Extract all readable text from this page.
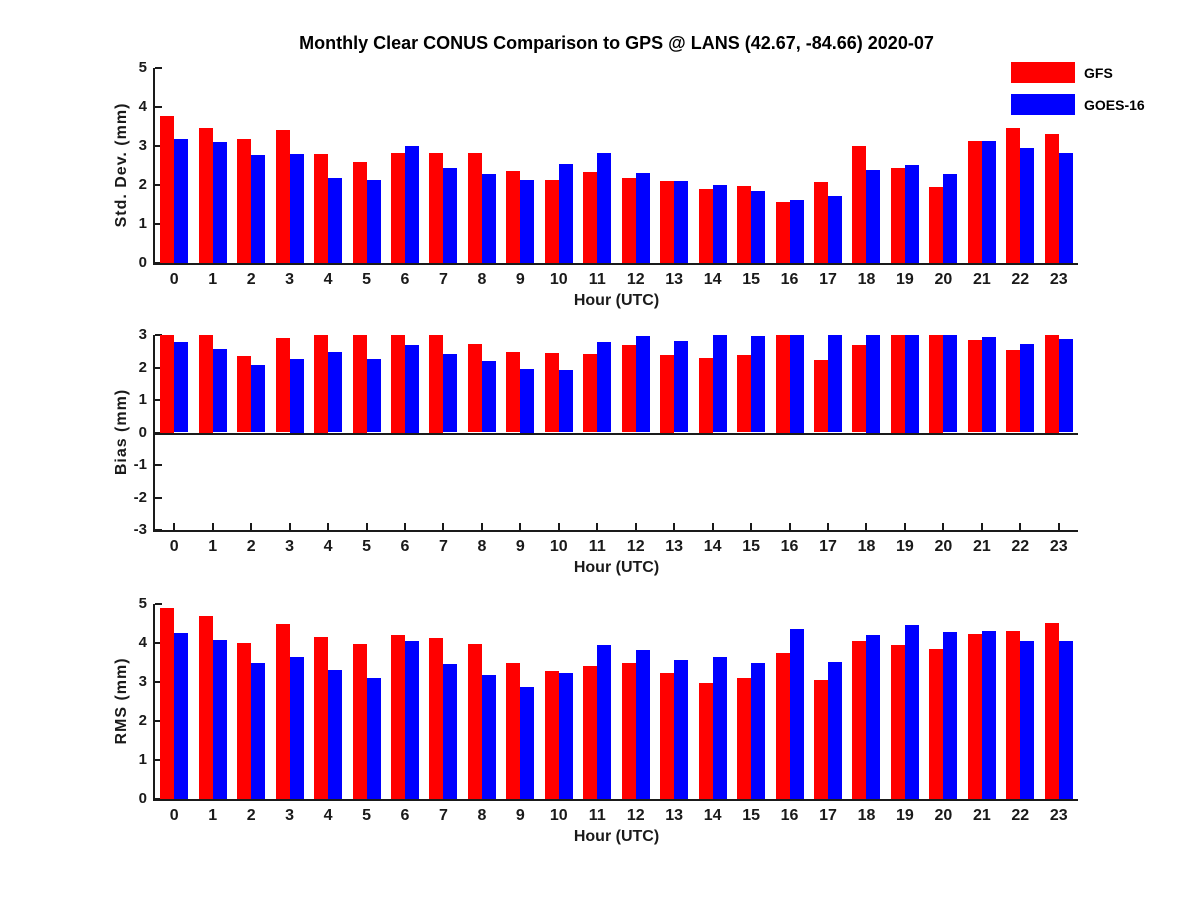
Monthly Clear CONUS Comparison to GPS @ LANS (42.67, -84.66) 2020-07
GFS
GOES-16
Std. Dev. (mm)
0
1
2
3
4
5
0	1	2	3	4	5	6	7	8	9	10	11	12	13	14	15	16	17	18	19	20	21	22	23
Hour (UTC)
Bias (mm)
-3
-2
-1
0
1
2
3
0	1	2	3	4	5	6	7	8	9	10	11	12	13	14	15	16	17	18	19	20	21	22	23
Hour (UTC)
RMS (mm)
0
1
2
3
4
5
0	1	2	3	4	5	6	7	8	9	10	11	12	13	14	15	16	17	18	19	20	21	22	23
Hour (UTC)
